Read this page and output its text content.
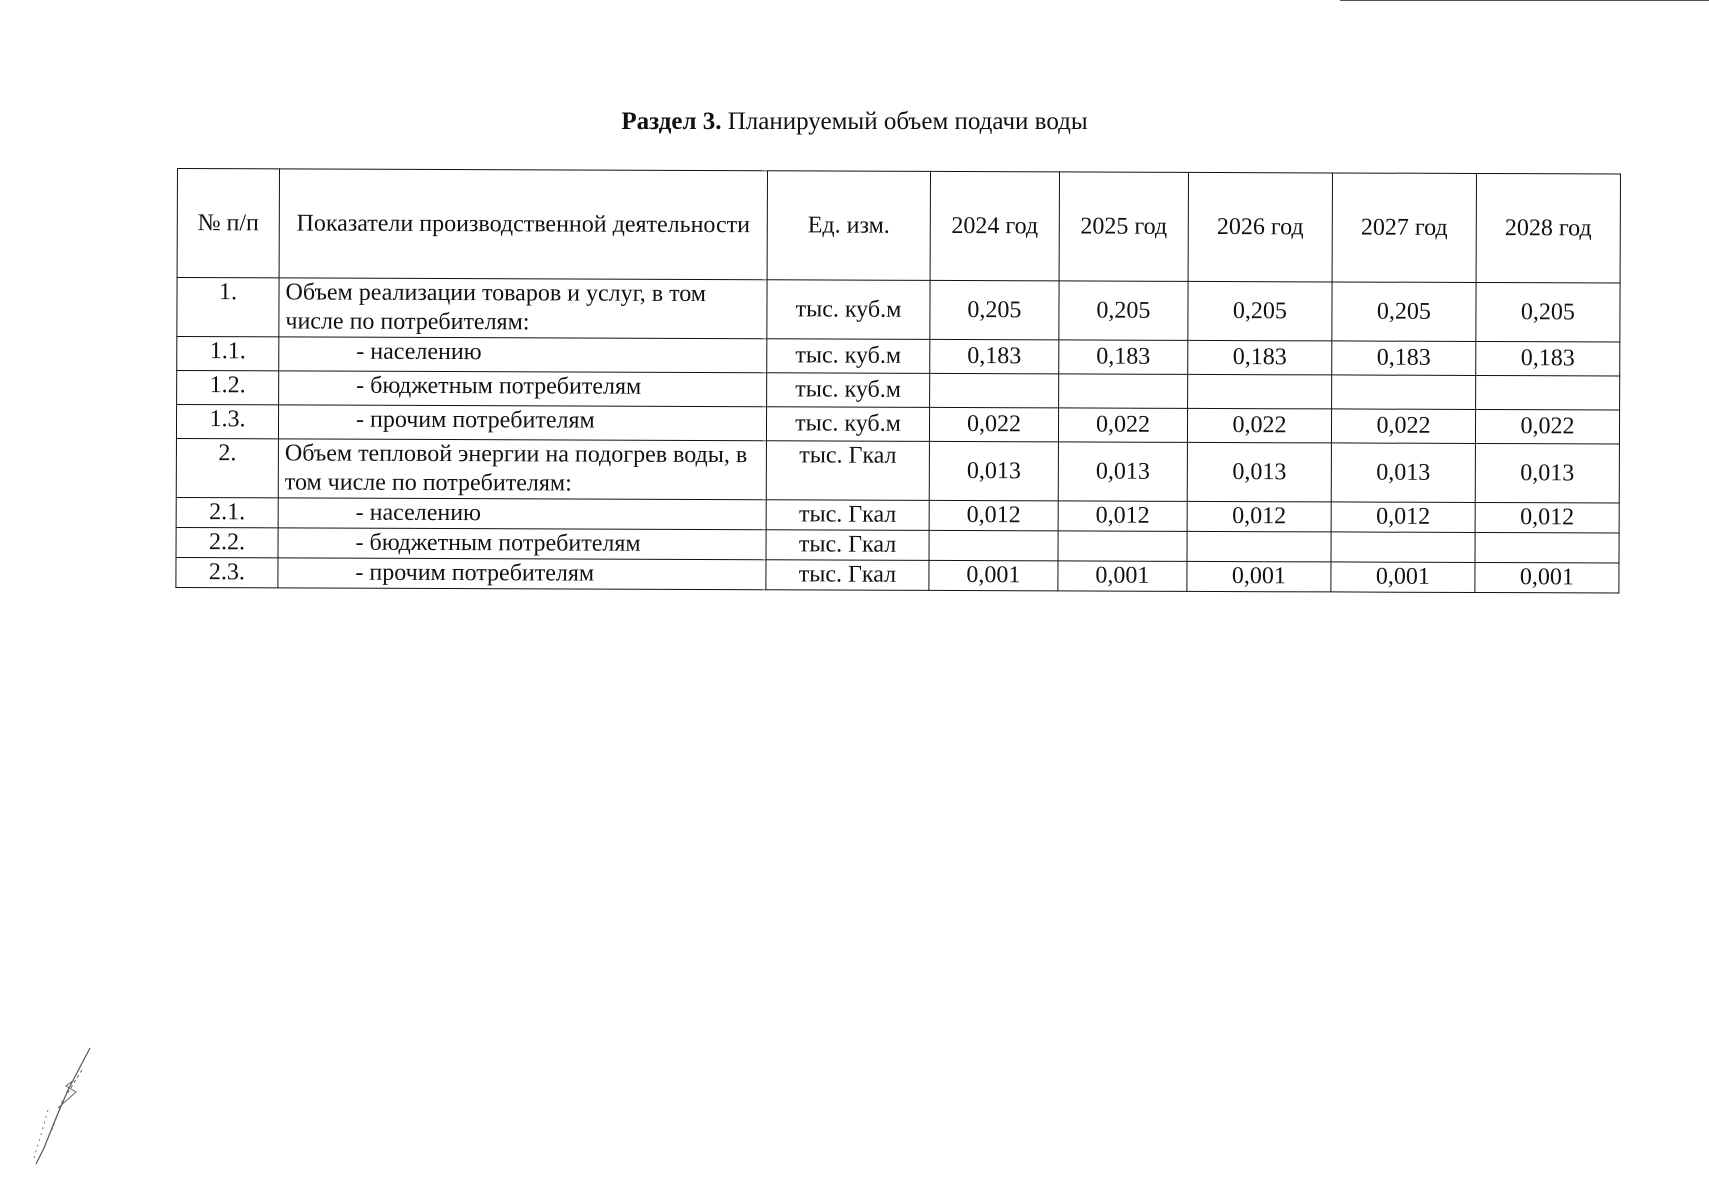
Раздел 3. Планируемый объем подачи воды
№ п/п	Показатели производственной деятельности	Ед. изм.	2024 год	2025 год	2026 год	2027 год	2028 год
1.	Объем реализации товаров и услуг, в том числе по потребителям:	тыс. куб.м	0,205	0,205	0,205	0,205	0,205
1.1.	- населению	тыс. куб.м	0,183	0,183	0,183	0,183	0,183
1.2.	- бюджетным потребителям	тыс. куб.м					
1.3.	- прочим потребителям	тыс. куб.м	0,022	0,022	0,022	0,022	0,022
2.	Объем тепловой энергии на подогрев воды, в том числе по потребителям:	тыс. Гкал	0,013	0,013	0,013	0,013	0,013
2.1.	- населению	тыс. Гкал	0,012	0,012	0,012	0,012	0,012
2.2.	- бюджетным потребителям	тыс. Гкал					
2.3.	- прочим потребителям	тыс. Гкал	0,001	0,001	0,001	0,001	0,001
